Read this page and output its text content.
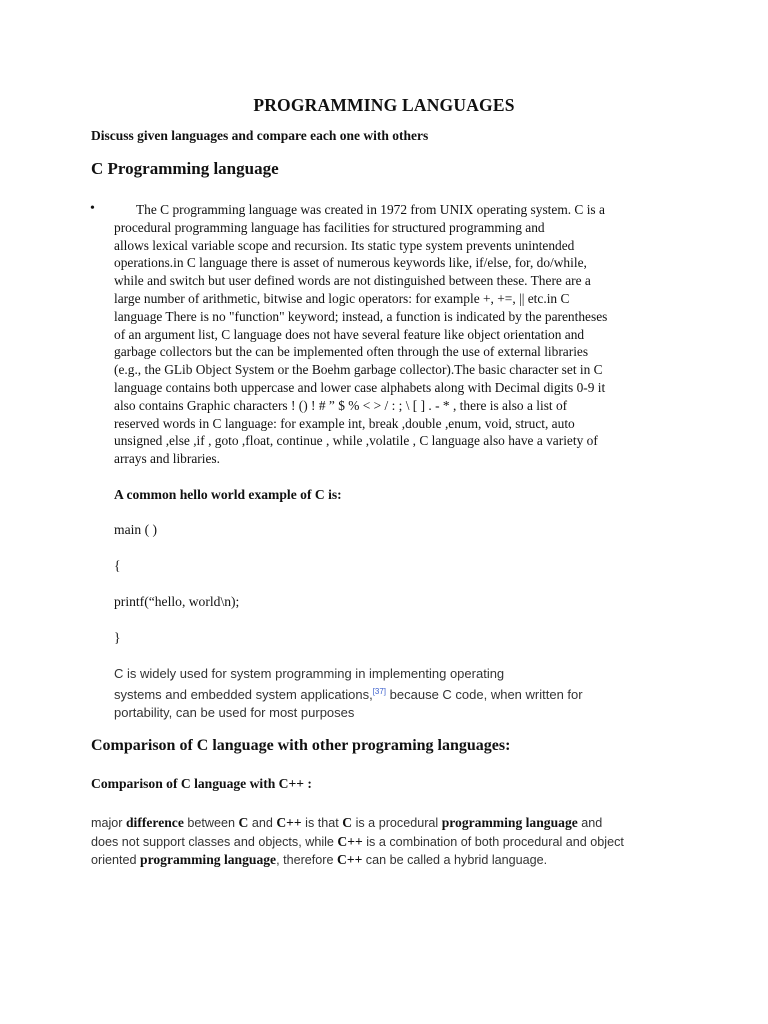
PROGRAMMING LANGUAGES
Discuss given languages and compare each one with others
C Programming language
•	The C programming language was created in 1972 from UNIX operating system. C is a
procedural programming language has facilities for structured programming and
allows lexical variable scope and recursion. Its static type system prevents unintended
operations.in C language there is asset of numerous keywords like, if/else, for, do/while,
while and switch but user defined words are not distinguished between these. There are a
large number of arithmetic, bitwise and logic operators: for example +, +=, || etc.in C
language There is no "function" keyword; instead, a function is indicated by the parentheses
of an argument list, C language does not have several feature like object orientation and
garbage collectors but the can be implemented often through the use of external libraries
(e.g., the GLib Object System or the Boehm garbage collector).The basic character set in C
language contains both uppercase and lower case alphabets along with Decimal digits 0-9 it
also contains Graphic characters ! () ! # ” $ % < > / : ; \ [ ] . - * , there is also a list of
reserved words in C language: for example int, break ,double ,enum, void, struct, auto
unsigned ,else ,if , goto ,float, continue , while ,volatile , C language also have a variety of
arrays and libraries.
A common hello world example of C is:
main ( )
{
printf(“hello, world\n);
}
C is widely used for system programming in implementing operating
systems and embedded system applications,[37] because C code, when written for
portability, can be used for most purposes
Comparison of C language with other programing languages:
Comparison of C language with C++ :
major difference between C and C++ is that C is a procedural programming language and
does not support classes and objects, while C++ is a combination of both procedural and object
oriented programming language, therefore C++ can be called a hybrid language.
